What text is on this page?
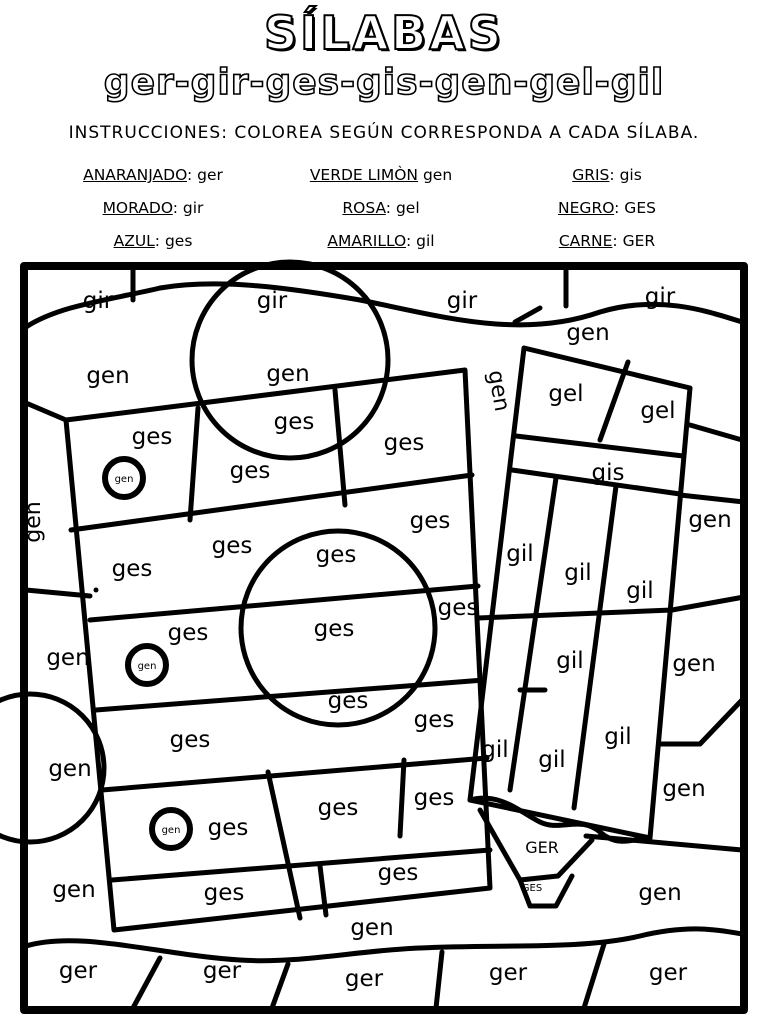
SÍLABAS
ger-gir-ges-gis-gen-gel-gil
INSTRUCCIONES: COLOREA SEGÚN CORRESPONDA A CADA SÍLABA.
ANARANJADO: ger	VERDE LIMÒN gen	GRIS: gis
MORADO: gir	ROSA: gel	NEGRO: GES
AZUL: ges	AMARILLO: gil	CARNE: GER
gir	gir	gir	gir
gen
gen	gen	gen
ges
ges
ges
ges
gel
gel
gen	gis
gen	gen
ges
ges	ges
ges
ges
gil
gil
gil
gen
ges	ges
gen	gil	gen
ges
ges
ges	gil
gil gil
gen
gen
ges ges
gen ges
GER
GES
gen
ges
ges	gen
gen
ger	ger	ger	ger	ger
